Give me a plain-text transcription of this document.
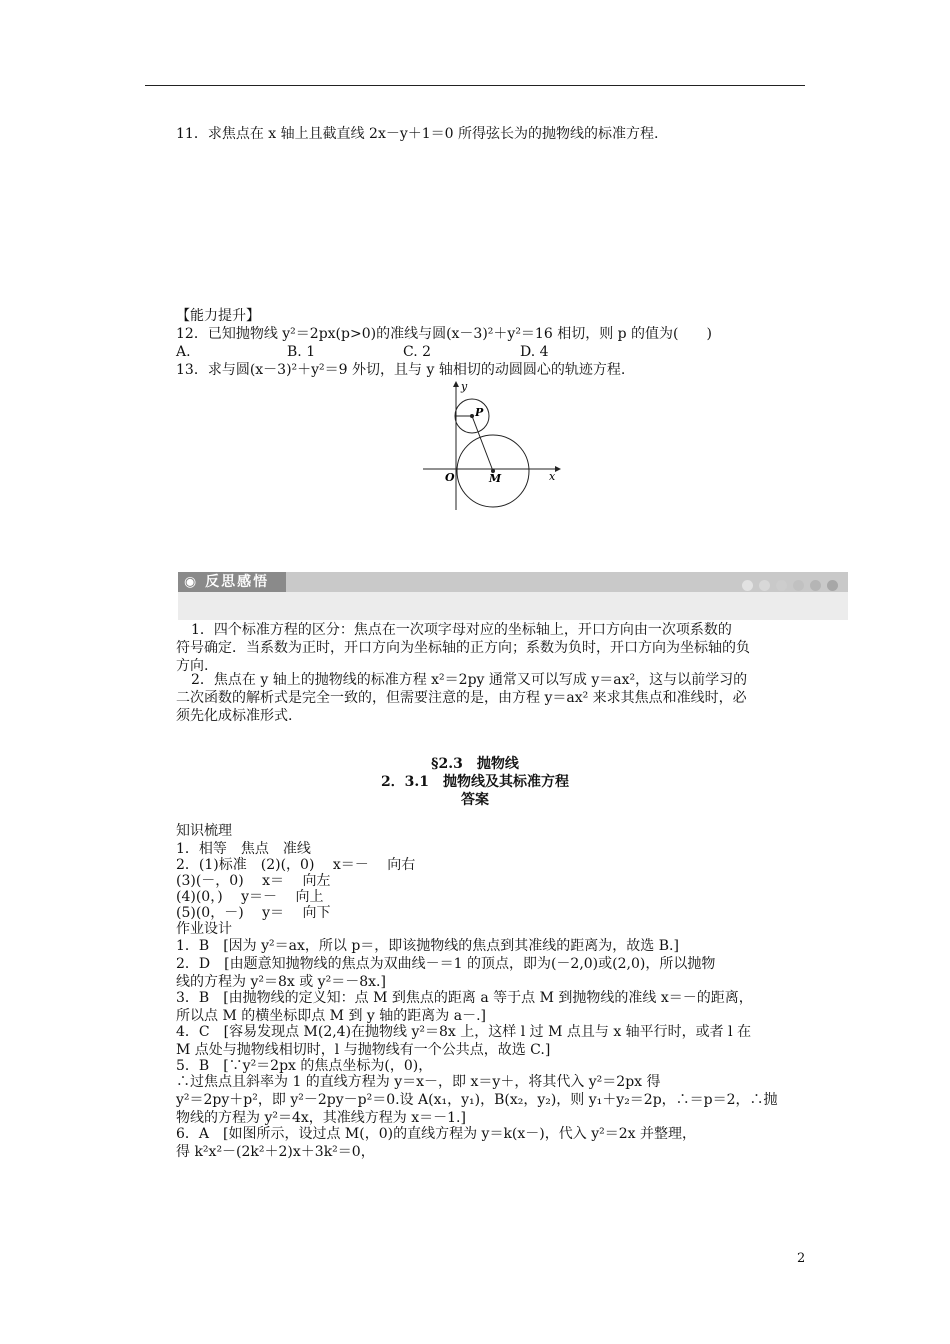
11．求焦点在 x 轴上且截直线 2x－y＋1＝0 所得弦长为的抛物线的标准方程.
【能力提升】
12．已知抛物线 y²＝2px(p>0)的准线与圆(x－3)²＋y²＝16 相切，则 p 的值为(　　)
A.	B. 1	C. 2	D. 4
13．求与圆(x－3)²＋y²＝9 外切，且与 y 轴相切的动圆圆心的轨迹方程.
y
x
O
P
M
◉ 反思感悟
1．四个标准方程的区分：焦点在一次项字母对应的坐标轴上，开口方向由一次项系数的
符号确定．当系数为正时，开口方向为坐标轴的正方向；系数为负时，开口方向为坐标轴的负
方向.
2．焦点在 y 轴上的抛物线的标准方程 x²＝2py 通常又可以写成 y＝ax²，这与以前学习的
二次函数的解析式是完全一致的，但需要注意的是，由方程 y＝ax² 来求其焦点和准线时，必
须先化成标准形式.
§2.3　抛物线
2．3.1　抛物线及其标准方程
答案
知识梳理
1．相等　焦点　准线
2．(1)标准　(2)(，0)　 x＝－　 向右
(3)(－，0)　 x＝　 向左
(4)(0，)　 y＝－　 向上
(5)(0，－)　 y＝　 向下
作业设计
1．B　[因为 y²＝ax，所以 p＝，即该抛物线的焦点到其准线的距离为，故选 B.]
2．D　[由题意知抛物线的焦点为双曲线－＝1 的顶点，即为(－2,0)或(2,0)，所以抛物
线的方程为 y²＝8x 或 y²＝－8x.]
3．B　[由抛物线的定义知：点 M 到焦点的距离 a 等于点 M 到抛物线的准线 x＝－的距离，
所以点 M 的横坐标即点 M 到 y 轴的距离为 a－.]
4．C　[容易发现点 M(2,4)在抛物线 y²＝8x 上，这样 l 过 M 点且与 x 轴平行时，或者 l 在
M 点处与抛物线相切时，l 与抛物线有一个公共点，故选 C.]
5．B　[∵y²＝2px 的焦点坐标为(，0)，
∴过焦点且斜率为 1 的直线方程为 y＝x－，即 x＝y＋，将其代入 y²＝2px 得
y²＝2py＋p²，即 y²－2py－p²＝0.设 A(x₁，y₁)，B(x₂，y₂)，则 y₁＋y₂＝2p，∴＝p＝2，∴抛
物线的方程为 y²＝4x，其准线方程为 x＝－1.]
6．A　[如图所示，设过点 M(，0)的直线方程为 y＝k(x－)，代入 y²＝2x 并整理，
得 k²x²－(2k²＋2)x＋3k²＝0，
2
